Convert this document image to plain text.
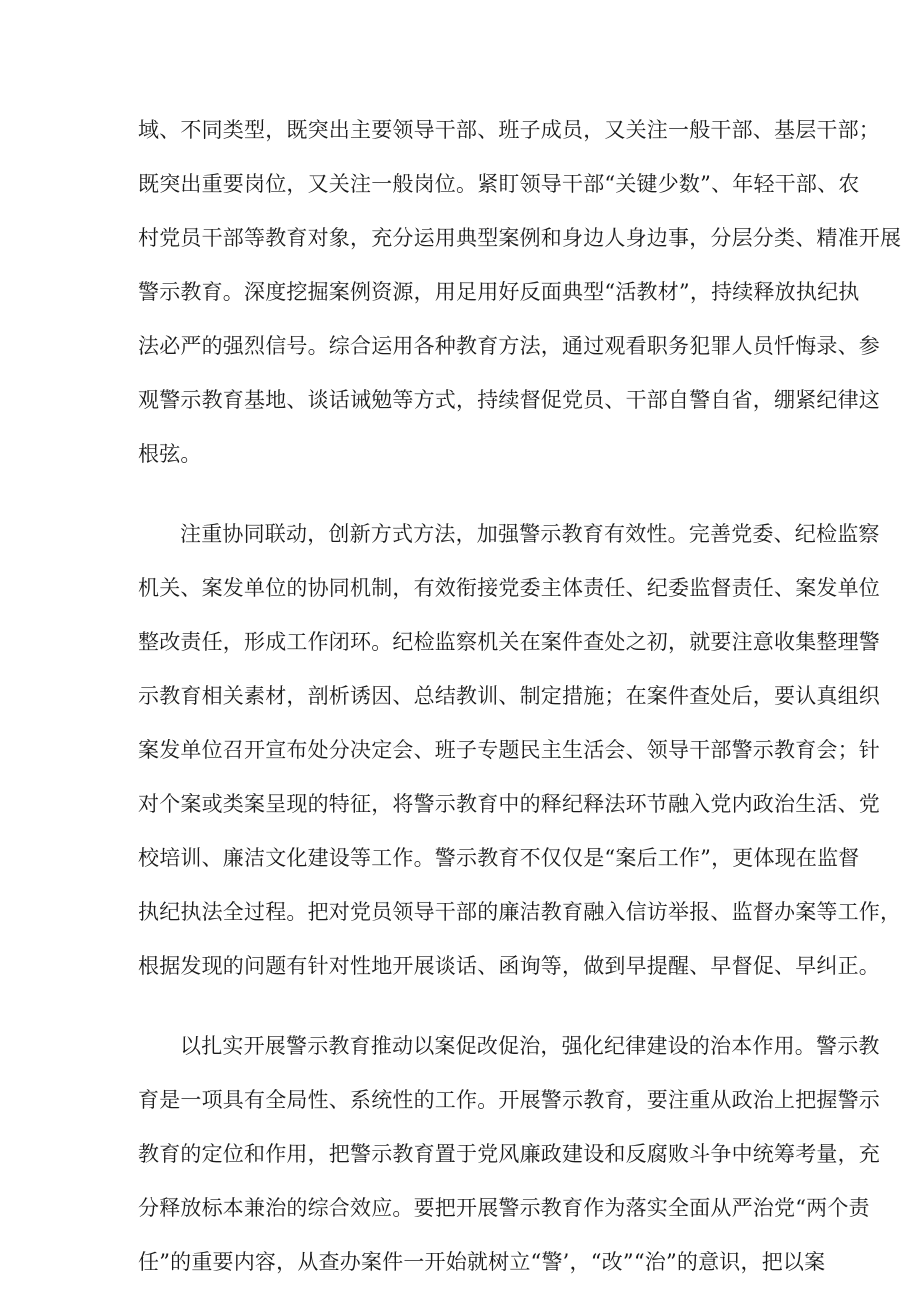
域、不同类型，既突出主要领导干部、班子成员，又关注一般干部、基层干部；
既突出重要岗位，又关注一般岗位。紧盯领导干部“关键少数”、年轻干部、农
村党员干部等教育对象，充分运用典型案例和身边人身边事，分层分类、精准开展
警示教育。深度挖掘案例资源，用足用好反面典型“活教材”，持续释放执纪执
法必严的强烈信号。综合运用各种教育方法，通过观看职务犯罪人员忏悔录、参
观警示教育基地、谈话诫勉等方式，持续督促党员、干部自警自省，绷紧纪律这
根弦。
注重协同联动，创新方式方法，加强警示教育有效性。完善党委、纪检监察
机关、案发单位的协同机制，有效衔接党委主体责任、纪委监督责任、案发单位
整改责任，形成工作闭环。纪检监察机关在案件查处之初，就要注意收集整理警
示教育相关素材，剖析诱因、总结教训、制定措施；在案件查处后，要认真组织
案发单位召开宣布处分决定会、班子专题民主生活会、领导干部警示教育会；针
对个案或类案呈现的特征，将警示教育中的释纪释法环节融入党内政治生活、党
校培训、廉洁文化建设等工作。警示教育不仅仅是“案后工作”，更体现在监督
执纪执法全过程。把对党员领导干部的廉洁教育融入信访举报、监督办案等工作，
根据发现的问题有针对性地开展谈话、函询等，做到早提醒、早督促、早纠正。
以扎实开展警示教育推动以案促改促治，强化纪律建设的治本作用。警示教
育是一项具有全局性、系统性的工作。开展警示教育，要注重从政治上把握警示
教育的定位和作用，把警示教育置于党风廉政建设和反腐败斗争中统筹考量，充
分释放标本兼治的综合效应。要把开展警示教育作为落实全面从严治党“两个责
任”的重要内容，从查办案件一开始就树立“警’，“改”“治”的意识，把以案
